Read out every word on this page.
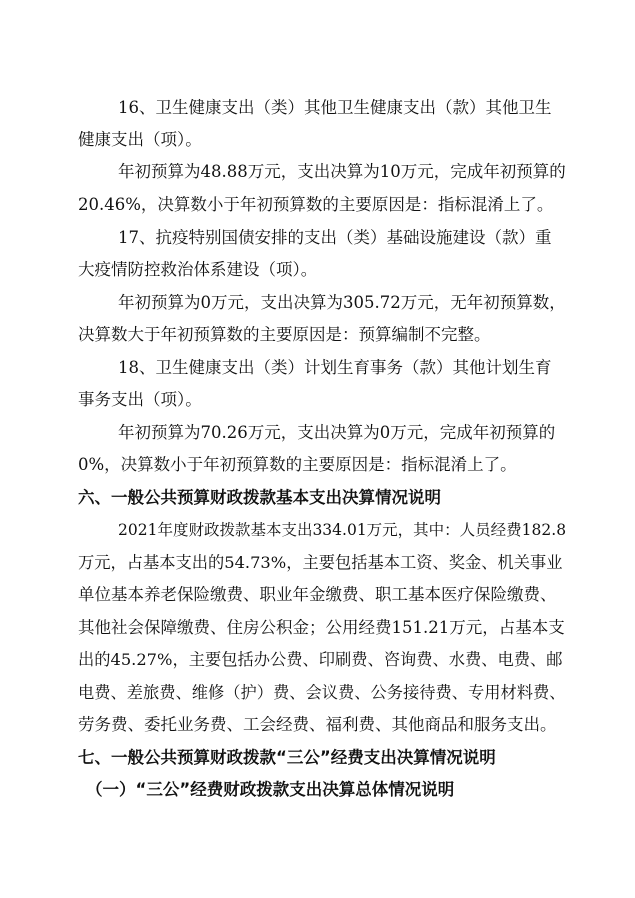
16、卫生健康支出（类）其他卫生健康支出（款）其他卫生
健康支出（项）。
年初预算为48.88万元，支出决算为10万元，完成年初预算的
20.46%，决算数小于年初预算数的主要原因是：指标混淆上了。
17、抗疫特别国债安排的支出（类）基础设施建设（款）重
大疫情防控救治体系建设（项）。
年初预算为0万元，支出决算为305.72万元，无年初预算数，
决算数大于年初预算数的主要原因是：预算编制不完整。
18、卫生健康支出（类）计划生育事务（款）其他计划生育
事务支出（项）。
年初预算为70.26万元，支出决算为0万元，完成年初预算的
0%，决算数小于年初预算数的主要原因是：指标混淆上了。
六、一般公共预算财政拨款基本支出决算情况说明
2021年度财政拨款基本支出334.01万元，其中：人员经费182.8
万元，占基本支出的54.73%，主要包括基本工资、奖金、机关事业
单位基本养老保险缴费、职业年金缴费、职工基本医疗保险缴费、
其他社会保障缴费、住房公积金；公用经费151.21万元，占基本支
出的45.27%，主要包括办公费、印刷费、咨询费、水费、电费、邮
电费、差旅费、维修（护）费、会议费、公务接待费、专用材料费、
劳务费、委托业务费、工会经费、福利费、其他商品和服务支出。
七、一般公共预算财政拨款“三公”经费支出决算情况说明
（一）“三公”经费财政拨款支出决算总体情况说明
